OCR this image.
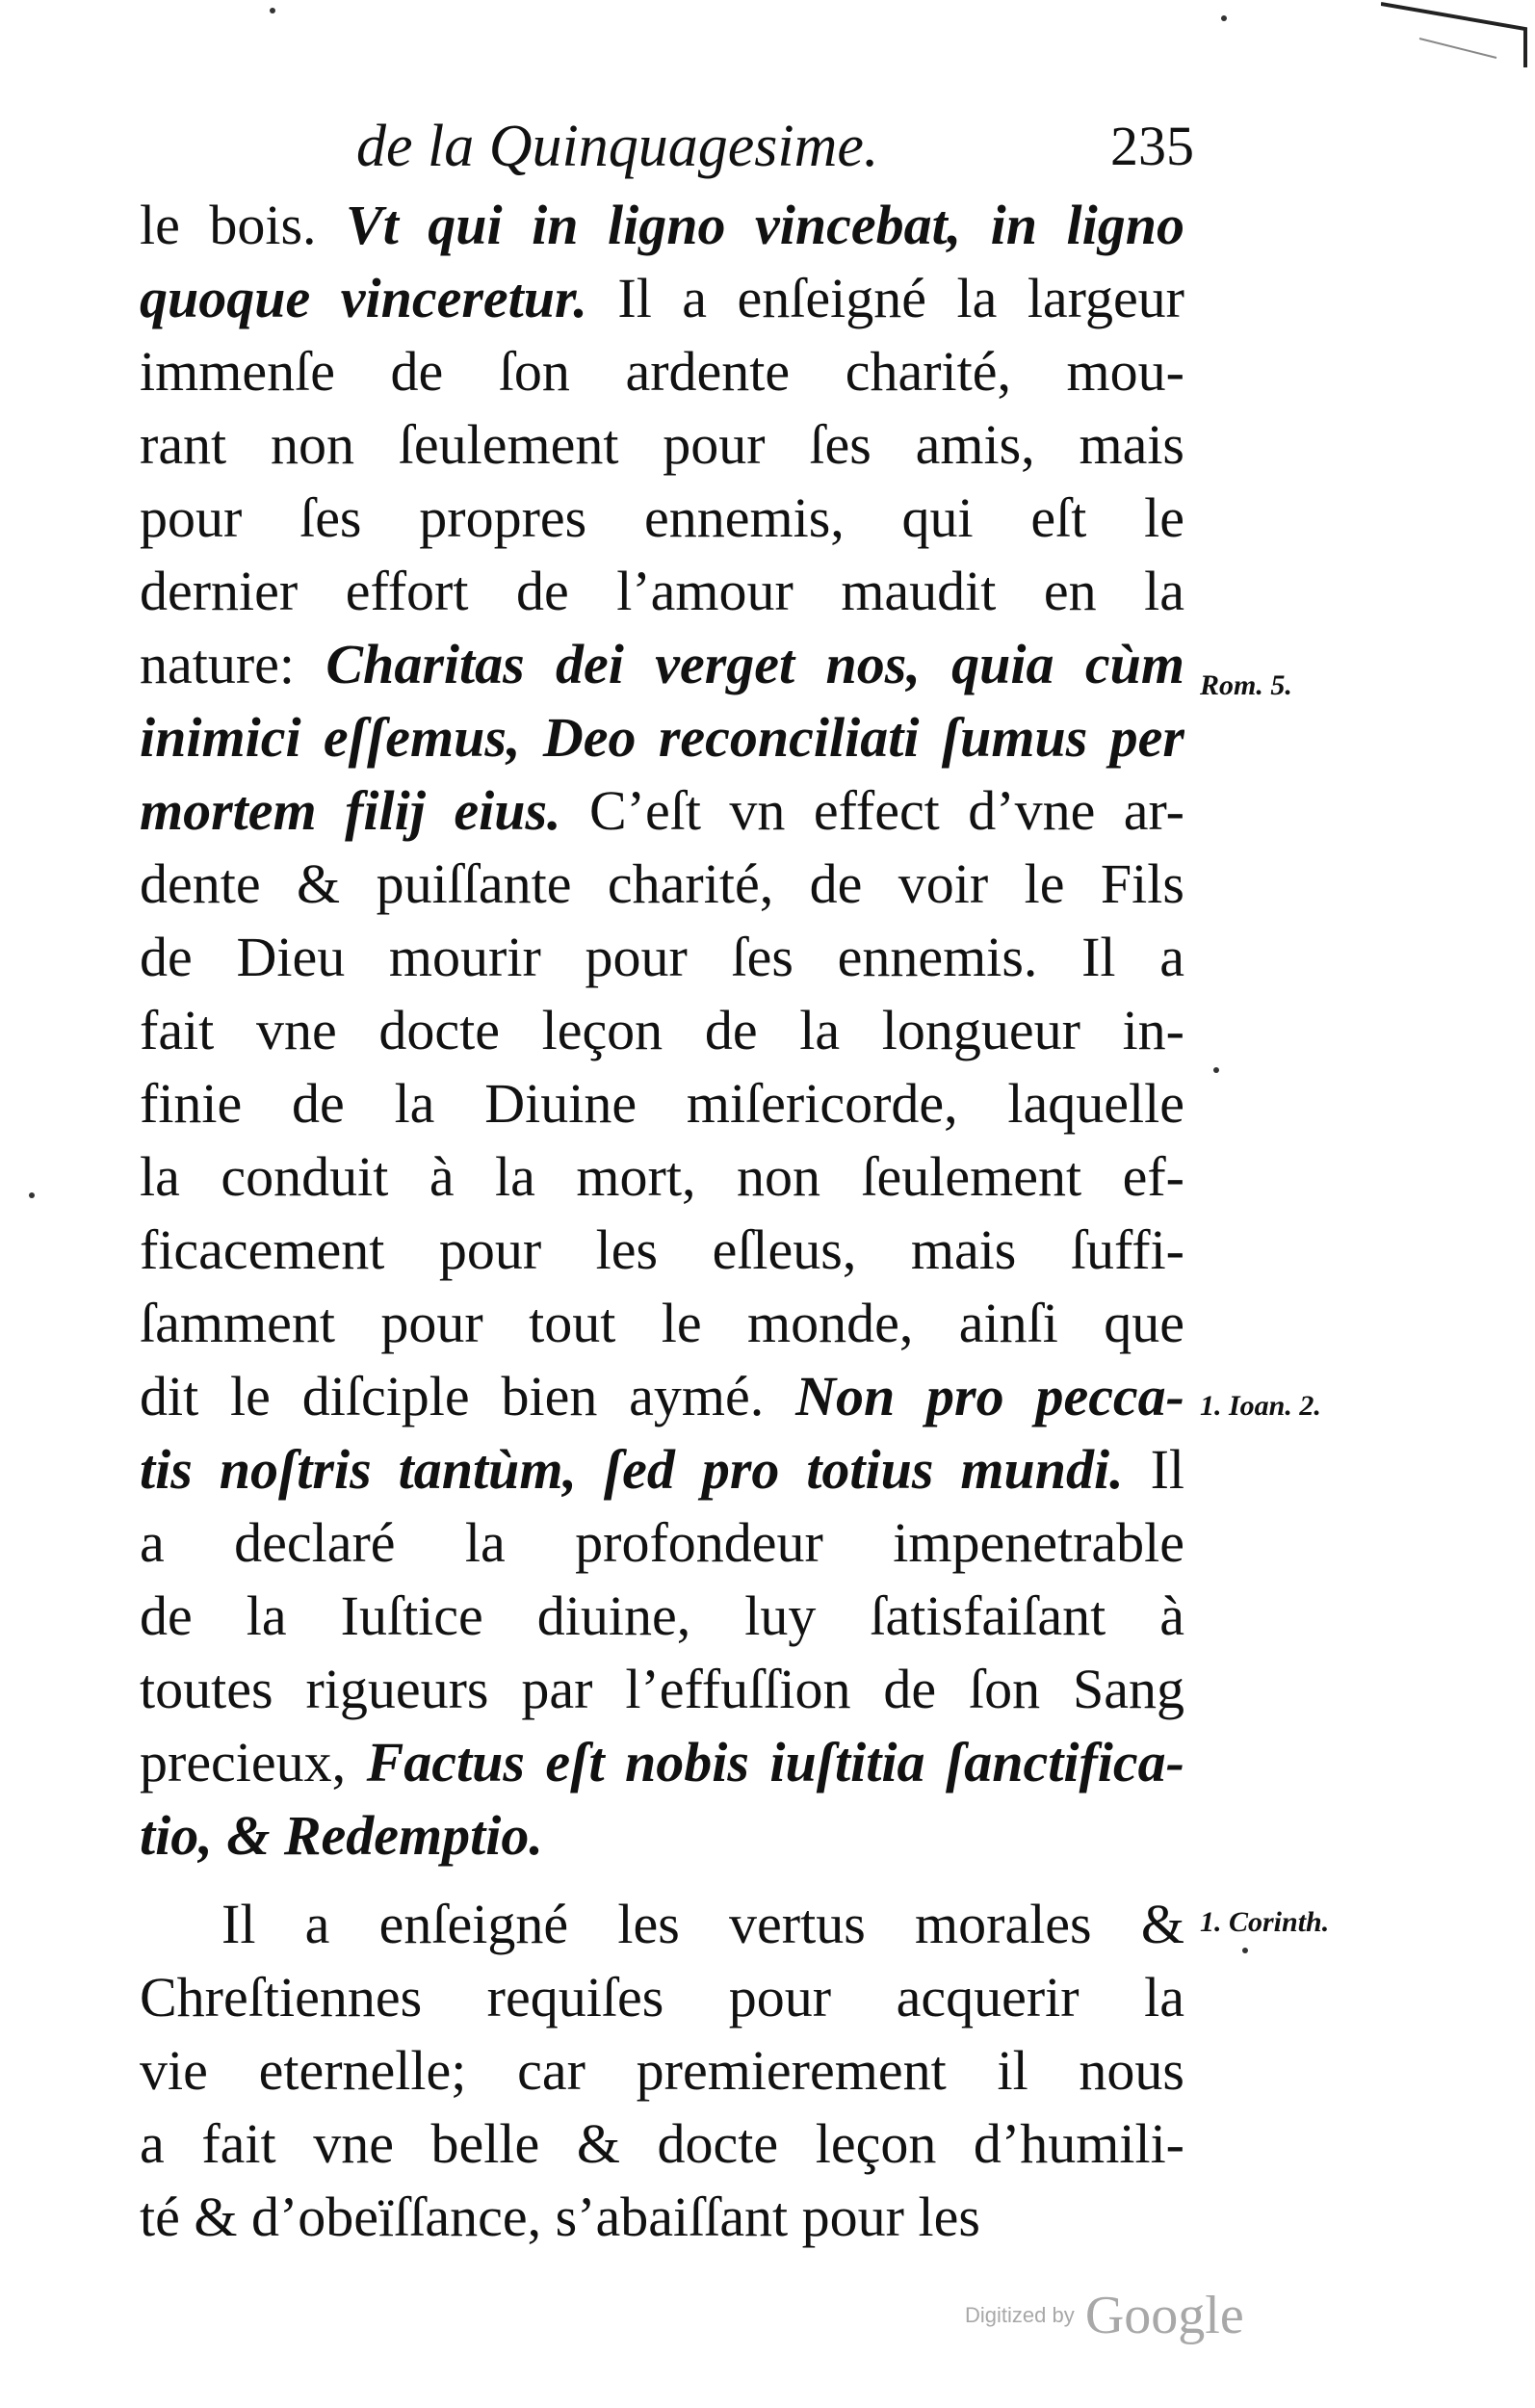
de la Quinquagesime.	235
le bois. Vt qui in ligno vincebat, in ligno
quoque vinceretur. Il a enſeigné la largeur
immenſe de ſon ardente charité, mou-
rant non ſeulement pour ſes amis, mais
pour ſes propres ennemis, qui eſt le
dernier effort de l’amour maudit en la
nature: Charitas dei verget nos, quia cùm
inimici eſſemus, Deo reconciliati ſumus per
mortem filij eius. C’eſt vn effect d’vne ar-
dente & puiſſante charité, de voir le Fils
de Dieu mourir pour ſes ennemis. Il a
fait vne docte leçon de la longueur in-
finie de la Diuine miſericorde, laquelle
la conduit à la mort, non ſeulement ef-
ficacement pour les eſleus, mais ſuffi-
ſamment pour tout le monde, ainſi que
dit le diſciple bien aymé. Non pro pecca-
tis noſtris tantùm, ſed pro totius mundi. Il
a declaré la profondeur impenetrable
de la Iuſtice diuine, luy ſatisfaiſant à
toutes rigueurs par l’effuſſion de ſon Sang
precieux, Factus eſt nobis iuſtitia ſanctifica-
tio, & Redemptio.
Il a enſeigné les vertus morales &
Chreſtiennes requiſes pour acquerir la
vie eternelle; car premierement il nous
a fait vne belle & docte leçon d’humili-
té & d’obeïſſance, s’abaiſſant pour les
Rom. 5.
1. Ioan. 2.
1. Corinth.
Digitized by Google
